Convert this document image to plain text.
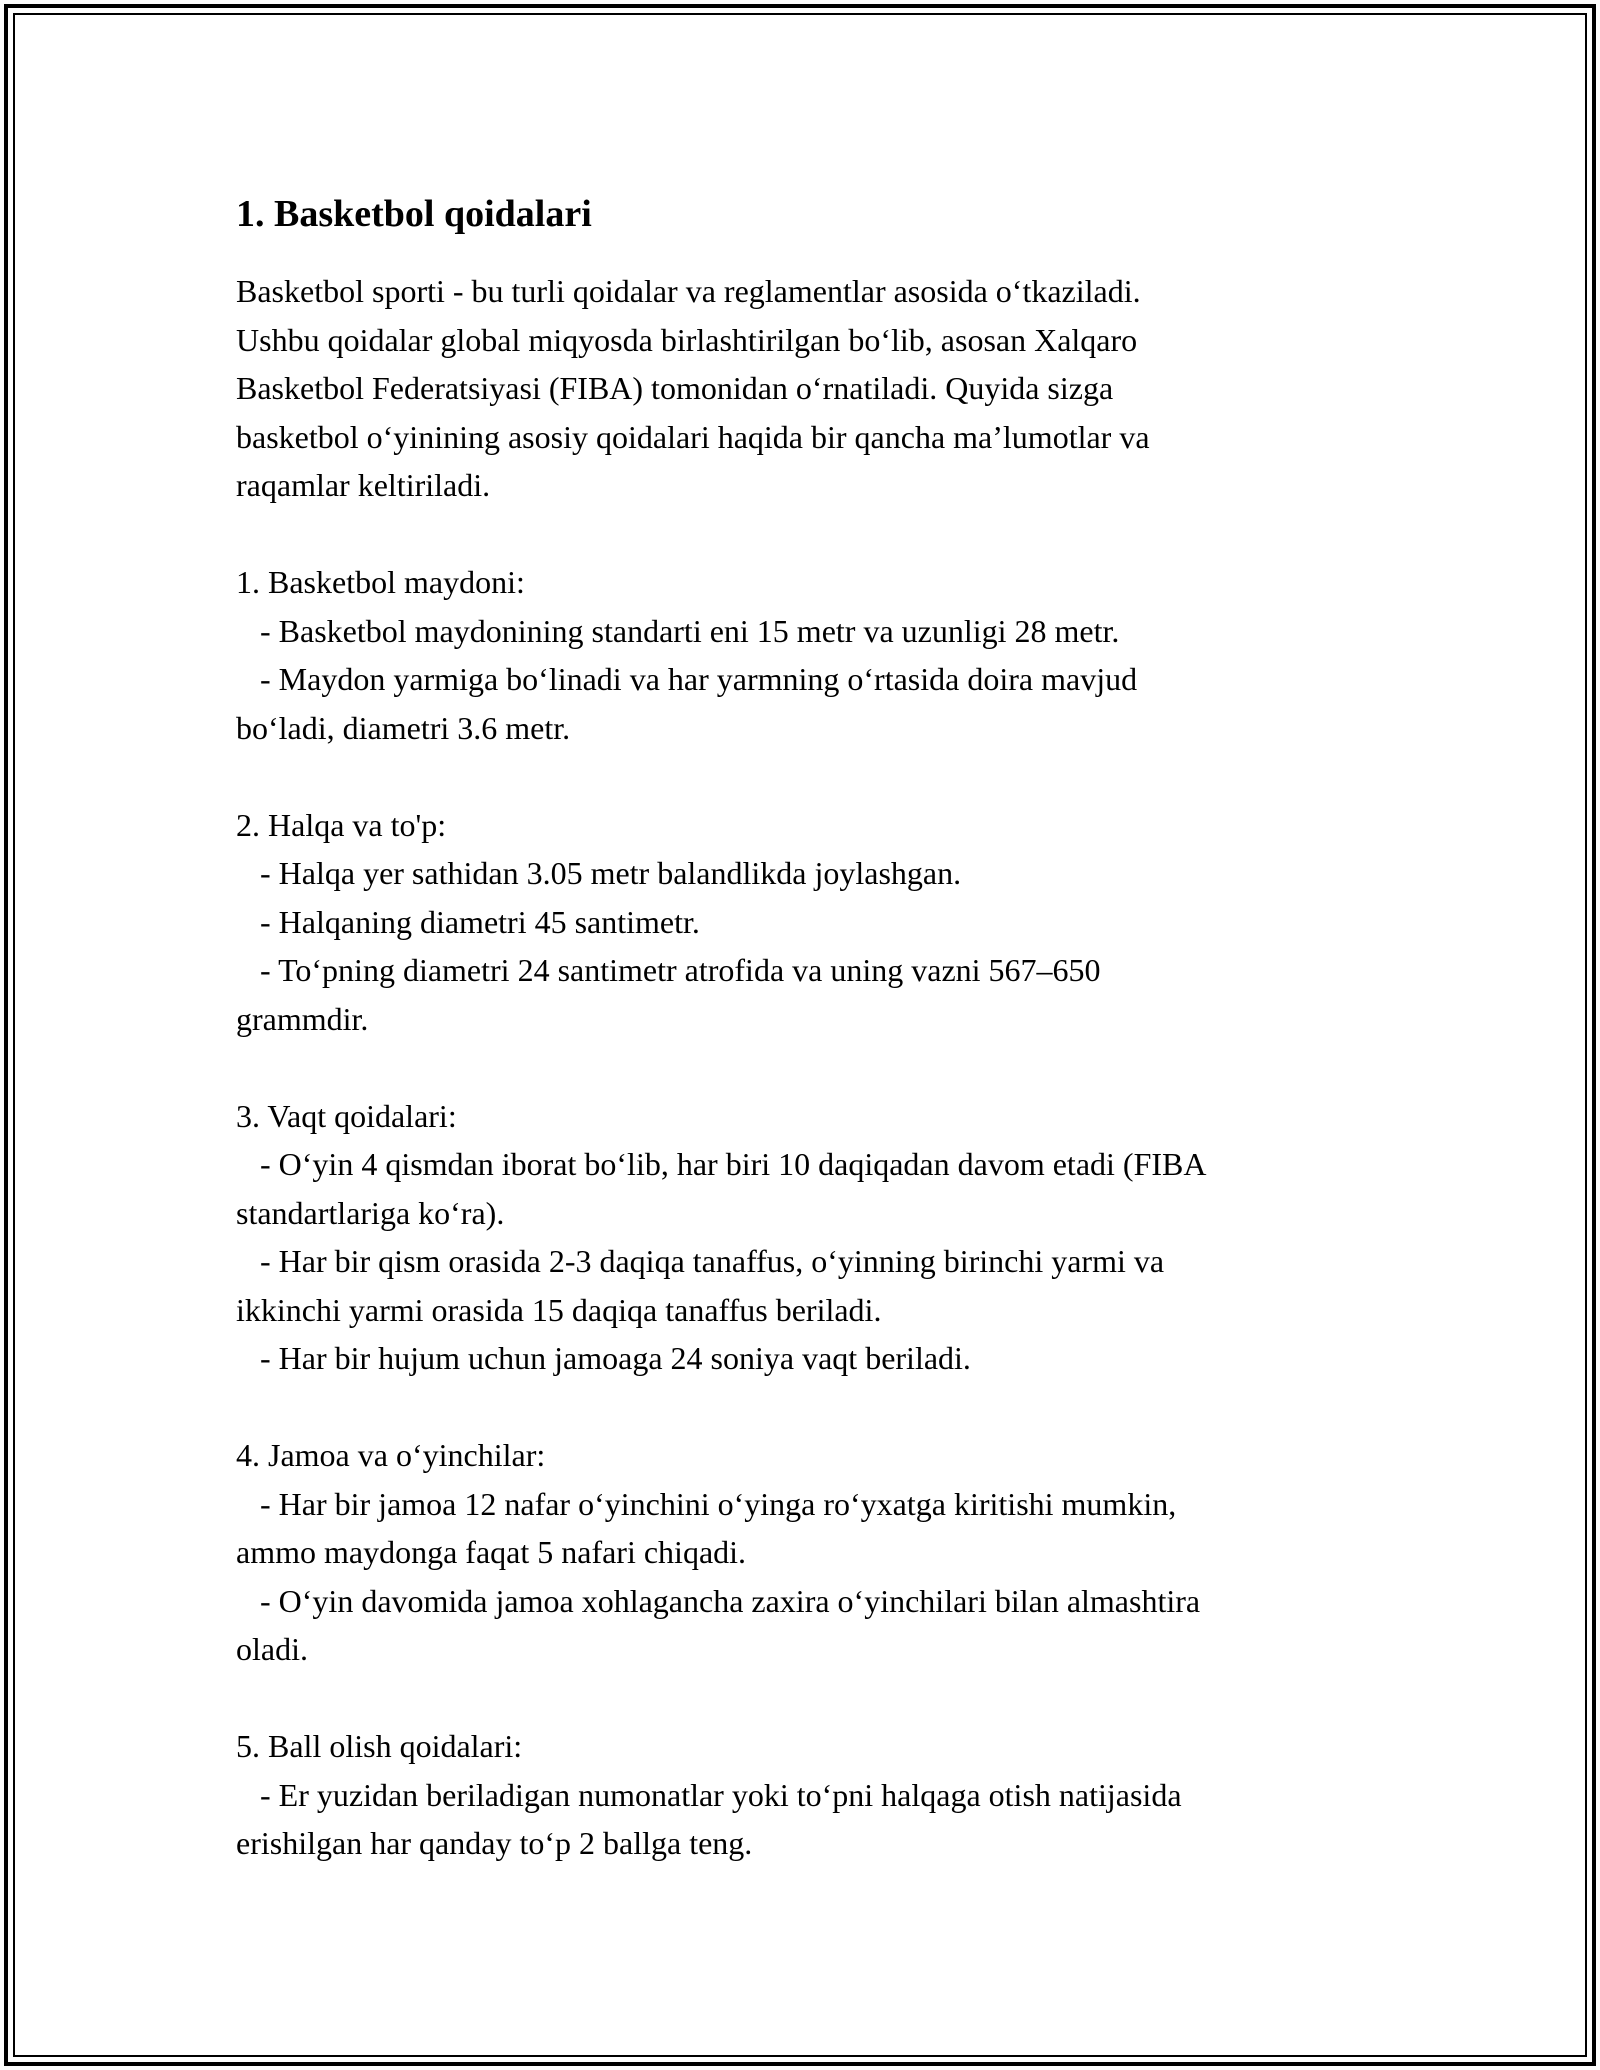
1. Basketbol qoidalari

Basketbol sporti - bu turli qoidalar va reglamentlar asosida o‘tkaziladi.
Ushbu qoidalar global miqyosda birlashtirilgan bo‘lib, asosan Xalqaro
Basketbol Federatsiyasi (FIBA) tomonidan o‘rnatiladi. Quyida sizga
basketbol o‘yinining asosiy qoidalari haqida bir qancha ma’lumotlar va
raqamlar keltiriladi.

1. Basketbol maydoni:

- Basketbol maydonining standarti eni 15 metr va uzunligi 28 metr.

- Maydon yarmiga bo‘linadi va har yarmning o‘rtasida doira mavjud
bo‘ladi, diametri 3.6 metr.

2. Halqa va to'p:

- Halqa yer sathidan 3.05 metr balandlikda joylashgan.

- Halqaning diametri 45 santimetr.

- To‘pning diametri 24 santimetr atrofida va uning vazni 567–650
grammdir.

3. Vaqt qoidalari:

- O‘yin 4 qismdan iborat bo‘lib, har biri 10 daqiqadan davom etadi (FIBA
standartlariga ko‘ra).

- Har bir qism orasida 2-3 daqiqa tanaffus, o‘yinning birinchi yarmi va
ikkinchi yarmi orasida 15 daqiqa tanaffus beriladi.

- Har bir hujum uchun jamoaga 24 soniya vaqt beriladi.

4. Jamoa va o‘yinchilar:

- Har bir jamoa 12 nafar o‘yinchini o‘yinga ro‘yxatga kiritishi mumkin,
ammo maydonga faqat 5 nafari chiqadi.

- O‘yin davomida jamoa xohlagancha zaxira o‘yinchilari bilan almashtira
oladi.

5. Ball olish qoidalari:

- Er yuzidan beriladigan numonatlar yoki to‘pni halqaga otish natijasida
erishilgan har qanday to‘p 2 ballga teng.
